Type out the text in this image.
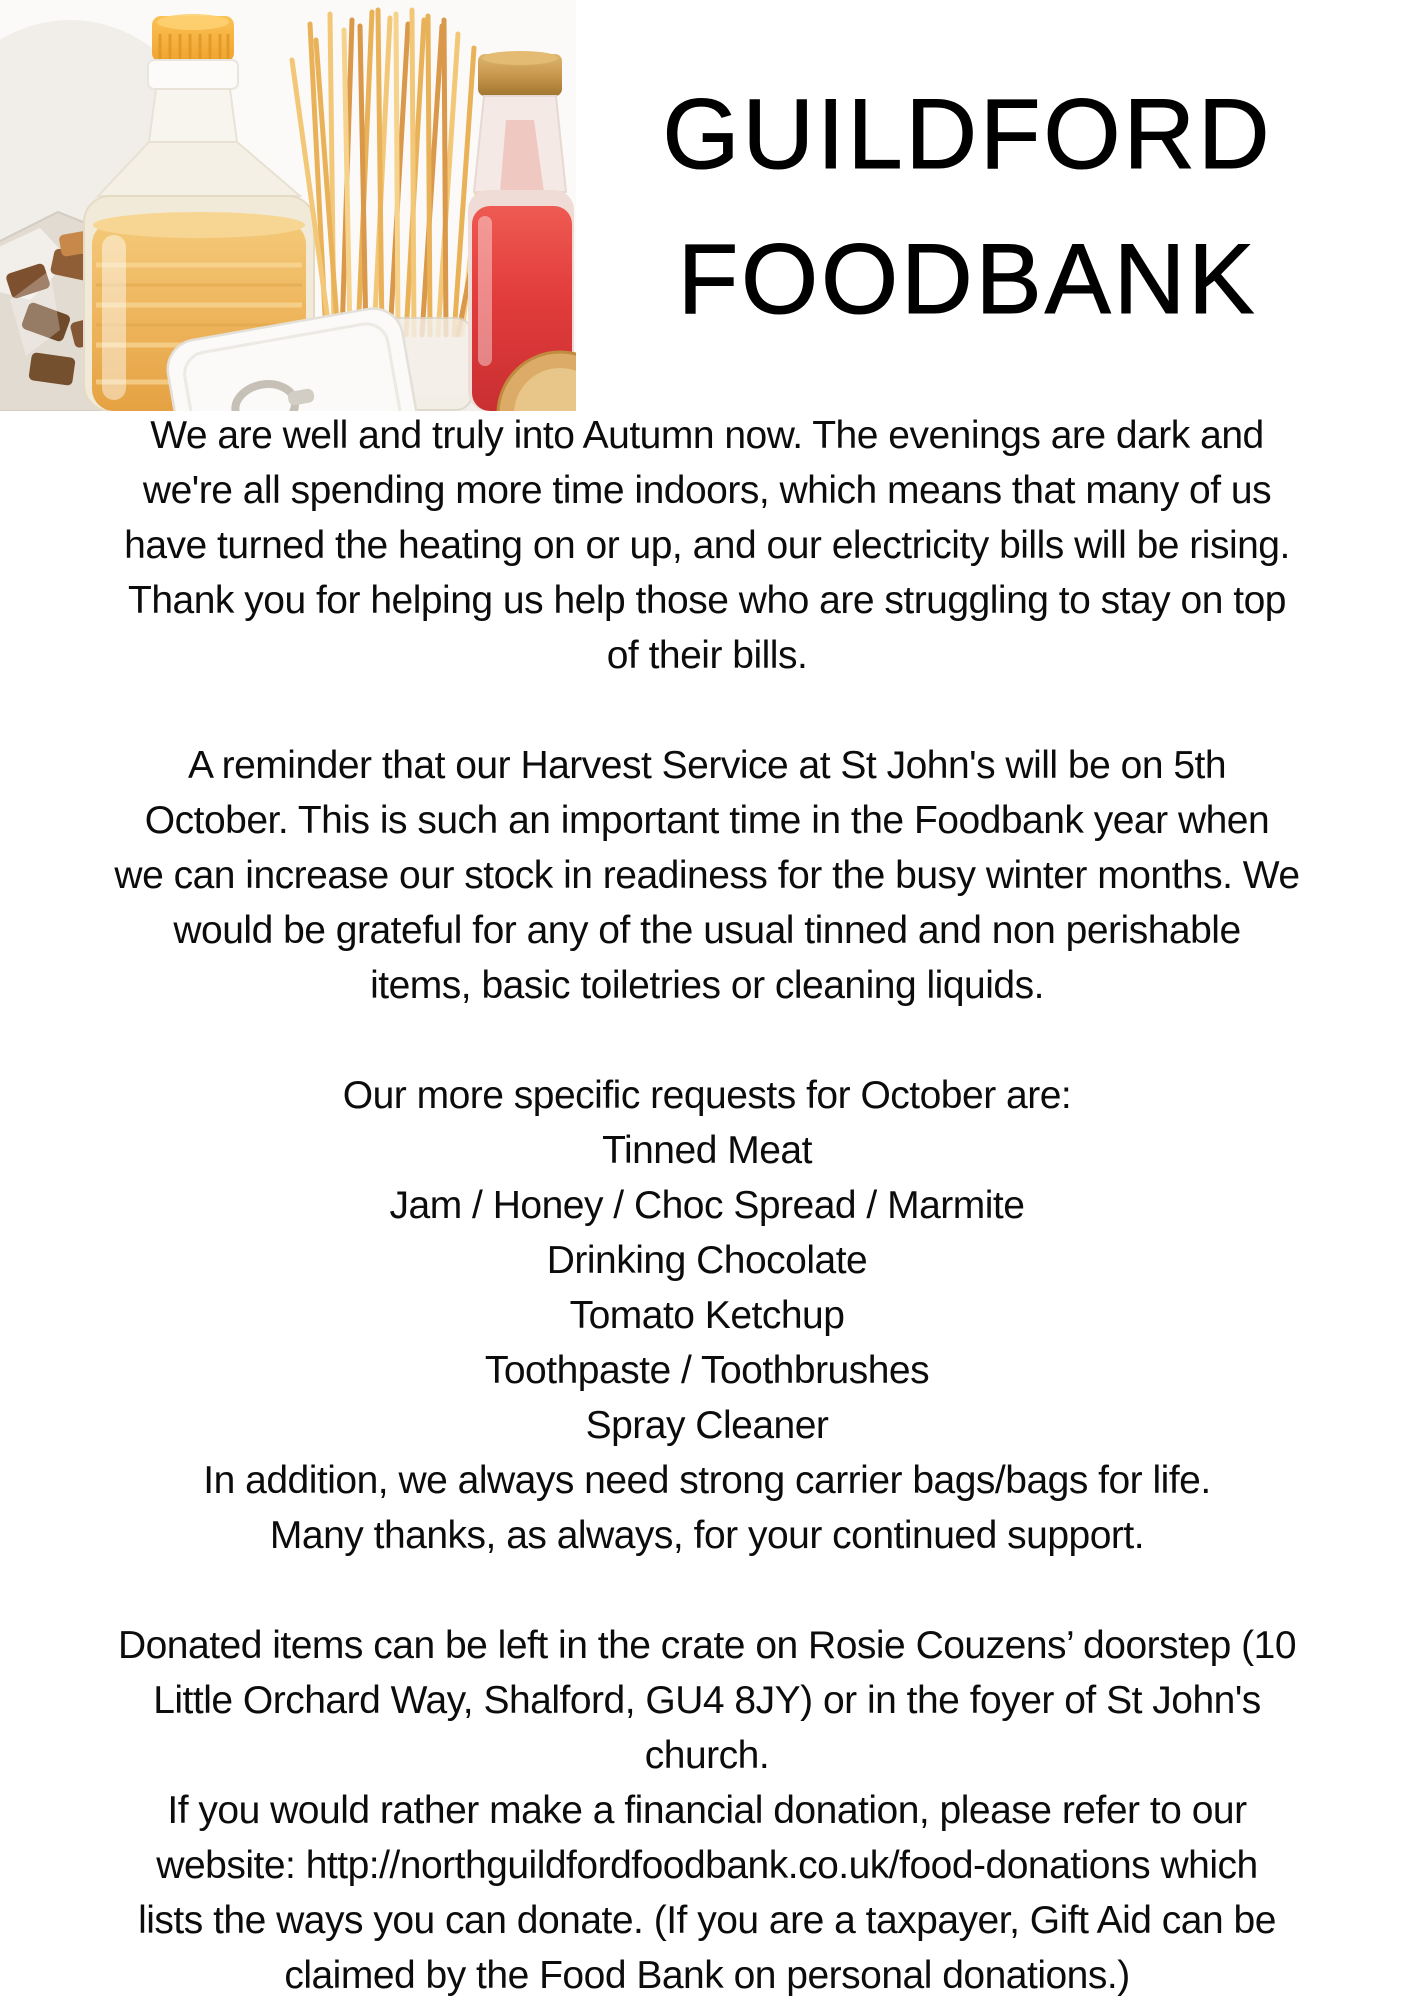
GUILDFORD
FOODBANK
We are well and truly into Autumn now. The evenings are dark and
we're all spending more time indoors, which means that many of us
have turned the heating on or up, and our electricity bills will be rising.
Thank you for helping us help those who are struggling to stay on top
of their bills.
A reminder that our Harvest Service at St John's will be on 5th
October. This is such an important time in the Foodbank year when
we can increase our stock in readiness for the busy winter months. We
would be grateful for any of the usual tinned and non perishable
items, basic toiletries or cleaning liquids.
Our more specific requests for October are:
Tinned Meat
Jam / Honey / Choc Spread / Marmite
Drinking Chocolate
Tomato Ketchup
Toothpaste / Toothbrushes
Spray Cleaner
In addition, we always need strong carrier bags/bags for life.
Many thanks, as always, for your continued support.
Donated items can be left in the crate on Rosie Couzens’ doorstep (10
Little Orchard Way, Shalford, GU4 8JY) or in the foyer of St John's
church.
If you would rather make a financial donation, please refer to our
website: http://northguildfordfoodbank.co.uk/food-donations which
lists the ways you can donate. (If you are a taxpayer, Gift Aid can be
claimed by the Food Bank on personal donations.)
